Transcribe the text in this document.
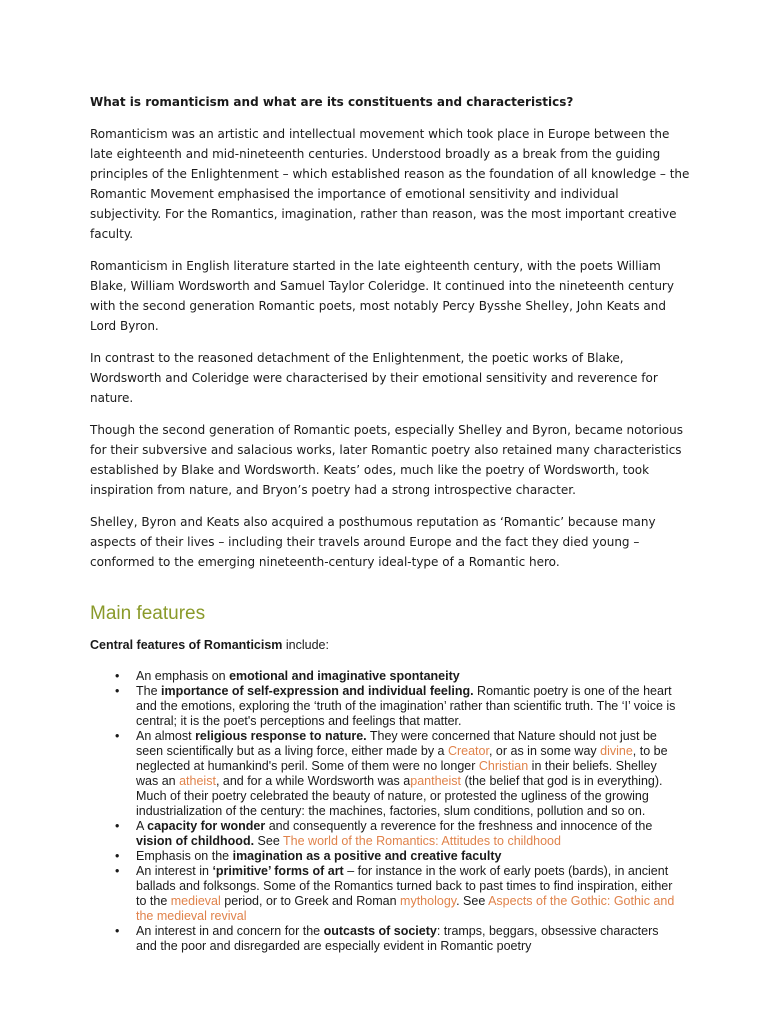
What is romanticism and what are its constituents and characteristics?

Romanticism was an artistic and intellectual movement which took place in Europe between the late eighteenth and mid-nineteenth centuries. Understood broadly as a break from the guiding principles of the Enlightenment – which established reason as the foundation of all knowledge – the Romantic Movement emphasised the importance of emotional sensitivity and individual subjectivity. For the Romantics, imagination, rather than reason, was the most important creative faculty.

Romanticism in English literature started in the late eighteenth century, with the poets William Blake, William Wordsworth and Samuel Taylor Coleridge. It continued into the nineteenth century with the second generation Romantic poets, most notably Percy Bysshe Shelley, John Keats and Lord Byron.

In contrast to the reasoned detachment of the Enlightenment, the poetic works of Blake, Wordsworth and Coleridge were characterised by their emotional sensitivity and reverence for nature.

Though the second generation of Romantic poets, especially Shelley and Byron, became notorious for their subversive and salacious works, later Romantic poetry also retained many characteristics established by Blake and Wordsworth. Keats’ odes, much like the poetry of Wordsworth, took inspiration from nature, and Bryon’s poetry had a strong introspective character.

Shelley, Byron and Keats also acquired a posthumous reputation as ‘Romantic’ because many aspects of their lives – including their travels around Europe and the fact they died young – conformed to the emerging nineteenth-century ideal-type of a Romantic hero.

Main features

Central features of Romanticism include:

• An emphasis on emotional and imaginative spontaneity
• The importance of self-expression and individual feeling. Romantic poetry is one of the heart and the emotions, exploring the ‘truth of the imagination’ rather than scientific truth. The ‘I’ voice is central; it is the poet's perceptions and feelings that matter.
• An almost religious response to nature. They were concerned that Nature should not just be seen scientifically but as a living force, either made by a Creator, or as in some way divine, to be neglected at humankind's peril. Some of them were no longer Christian in their beliefs. Shelley was an atheist, and for a while Wordsworth was apantheist (the belief that god is in everything). Much of their poetry celebrated the beauty of nature, or protested the ugliness of the growing industrialization of the century: the machines, factories, slum conditions, pollution and so on.
• A capacity for wonder and consequently a reverence for the freshness and innocence of the vision of childhood. See The world of the Romantics: Attitudes to childhood
• Emphasis on the imagination as a positive and creative faculty
• An interest in ‘primitive’ forms of art – for instance in the work of early poets (bards), in ancient ballads and folksongs. Some of the Romantics turned back to past times to find inspiration, either to the medieval period, or to Greek and Roman mythology. See Aspects of the Gothic: Gothic and the medieval revival
• An interest in and concern for the outcasts of society: tramps, beggars, obsessive characters and the poor and disregarded are especially evident in Romantic poetry
